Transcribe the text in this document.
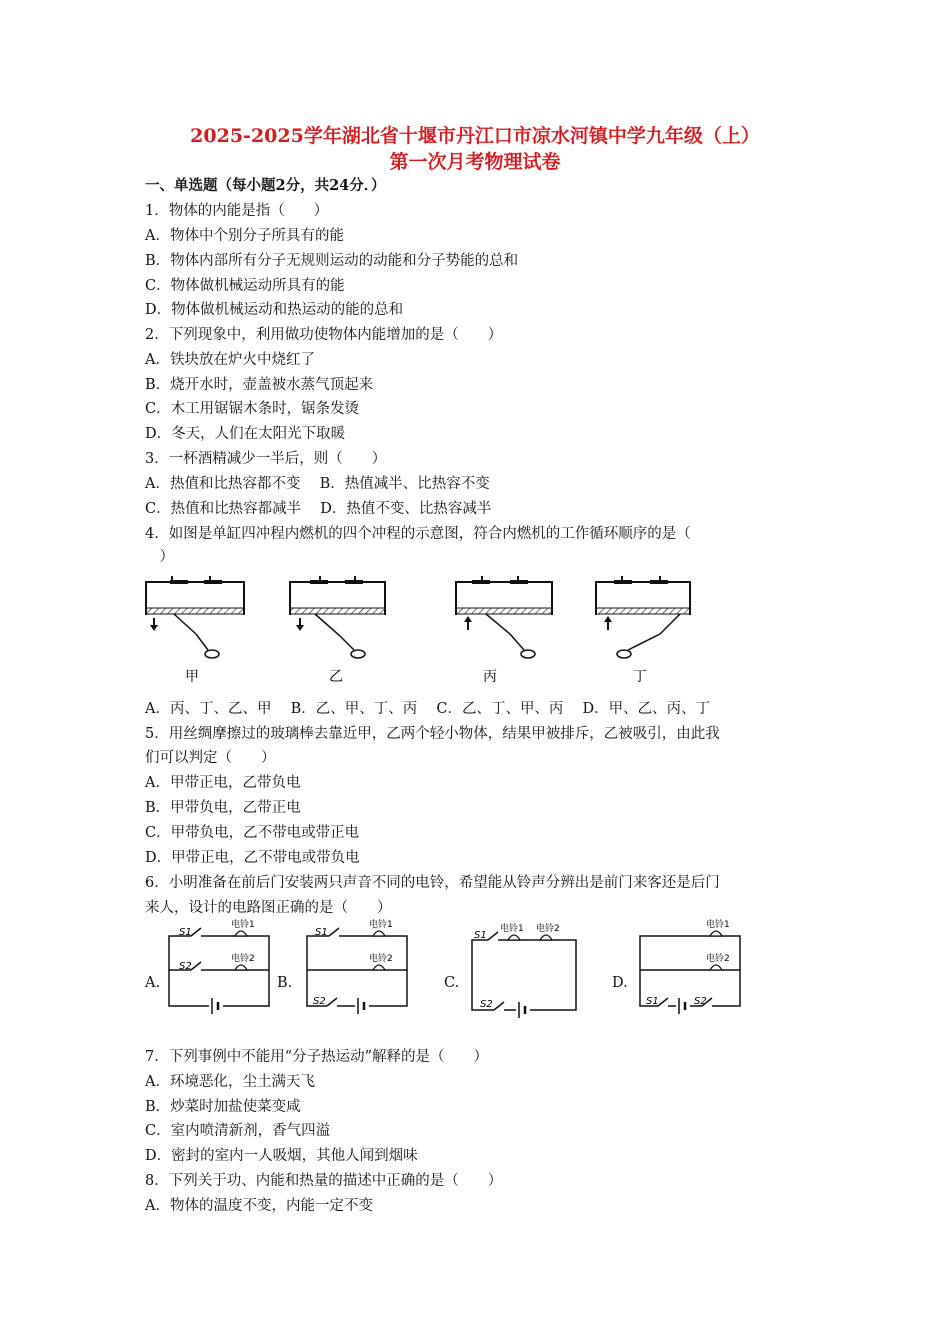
2025-2025学年湖北省十堰市丹江口市凉水河镇中学九年级（上）
第一次月考物理试卷
一、单选题（每小题2分，共24分．）
1．物体的内能是指（　　）
A．物体中个别分子所具有的能
B．物体内部所有分子无规则运动的动能和分子势能的总和
C．物体做机械运动所具有的能
D．物体做机械运动和热运动的能的总和
2．下列现象中，利用做功使物体内能增加的是（　　）
A．铁块放在炉火中烧红了
B．烧开水时，壶盖被水蒸气顶起来
C．木工用锯锯木条时，锯条发烫
D．冬天，人们在太阳光下取暖
3．一杯酒精减少一半后，则（　　）
A．热值和比热容都不变　 B．热值减半、比热容不变
C．热值和比热容都减半　 D．热值不变、比热容减半
4．如图是单缸四冲程内燃机的四个冲程的示意图，符合内燃机的工作循环顺序的是（
　）
甲	乙	丙	丁
A．丙、丁、乙、甲　 B．乙、甲、丁、丙　 C．乙、丁、甲、丙　 D．甲、乙、丙、丁
5．用丝绸摩擦过的玻璃棒去靠近甲，乙两个轻小物体，结果甲被排斥，乙被吸引，由此我
们可以判定（　　）
A．甲带正电，乙带负电
B．甲带负电，乙带正电
C．甲带负电，乙不带电或带正电
D．甲带正电，乙不带电或带负电
6．小明准备在前后门安装两只声音不同的电铃，希望能从铃声分辨出是前门来客还是后门
来人，设计的电路图正确的是（　　）
A.	B.	C.	D.
S1
S2
电铃1
电铃2
S1
S2
电铃1
电铃2
S1
S2
电铃1 电铃2
S1	S2
电铃1
电铃2
7．下列事例中不能用“分子热运动”解释的是（　　）
A．环境恶化，尘土满天飞
B．炒菜时加盐使菜变咸
C．室内喷清新剂，香气四溢
D．密封的室内一人吸烟，其他人闻到烟味
8．下列关于功、内能和热量的描述中正确的是（　　）
A．物体的温度不变，内能一定不变
